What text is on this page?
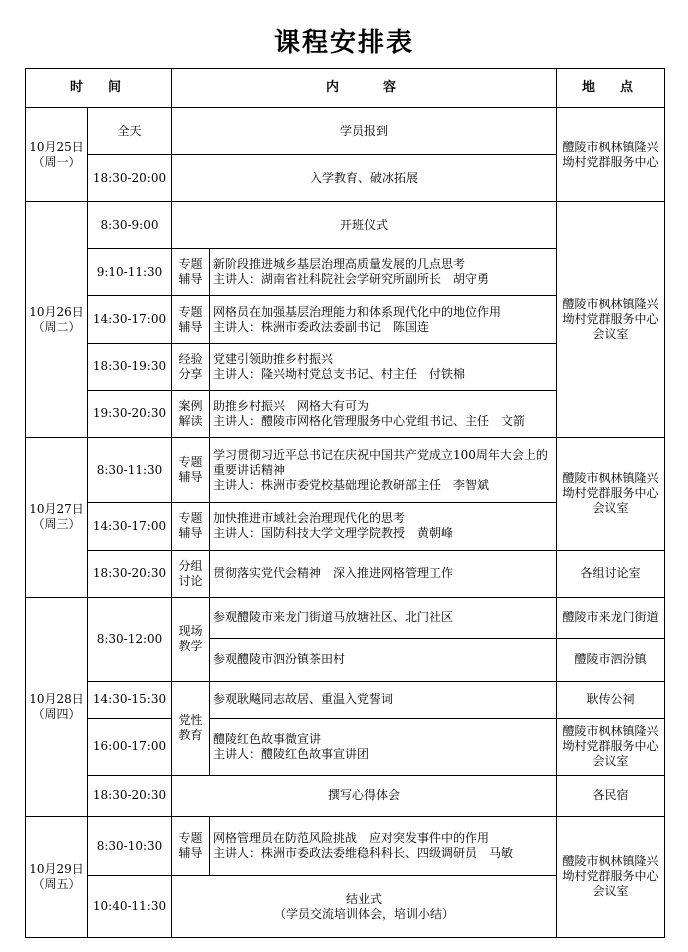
课程安排表
时　间		内　　容		地　点

10月25日
（周一）	全天	学员报到		醴陵市枫林镇隆兴坳村党群服务中心
	18:30-20:00	入学教育、破冰拓展		

10月26日
（周二）	8:30-9:00	开班仪式		醴陵市枫林镇隆兴坳村党群服务中心会议室
	9:10-11:30	专题辅导	新阶段推进城乡基层治理高质量发展的几点思考
主讲人：湖南省社科院社会学研究所副所长　胡守勇	

	14:30-17:00	专题辅导	网格员在加强基层治理能力和体系现代化中的地位作用
主讲人：株洲市委政法委副书记　陈国连	

	18:30-19:30	经验分享	党建引领助推乡村振兴
主讲人：隆兴坳村党总支书记、村主任　付铁棉	

	19:30-20:30	案例解读	助推乡村振兴　网格大有可为
主讲人：醴陵市网格化管理服务中心党组书记、主任　文箭	

10月27日
（周三）	8:30-11:30	专题辅导	学习贯彻习近平总书记在庆祝中国共产党成立100周年大会上的重要讲话精神
主讲人：株洲市委党校基础理论教研部主任　李智斌	醴陵市枫林镇隆兴坳村党群服务中心会议室
	14:30-17:00	专题辅导	加快推进市域社会治理现代化的思考
主讲人：国防科技大学文理学院教授　黄朝峰	

	18:30-20:30	分组讨论	贯彻落实党代会精神　深入推进网格管理工作	各组讨论室

10月28日
（周四）	8:30-12:00	现场教学	参观醴陵市来龙门街道马放塘社区、北门社区	醴陵市来龙门街道
			参观醴陵市泗汾镇茶田村	醴陵市泗汾镇
	14:30-15:30	党性教育	参观耿飚同志故居、重温入党誓词	耿传公祠
	16:00-17:00		醴陵红色故事微宣讲
主讲人：醴陵红色故事宣讲团	醴陵市枫林镇隆兴坳村党群服务中心会议室
	18:30-20:30	撰写心得体会		各民宿

10月29日
（周五）	8:30-10:30	专题辅导	网格管理员在防范风险挑战　应对突发事件中的作用
主讲人：株洲市委政法委维稳科科长、四级调研员　马敏	醴陵市枫林镇隆兴坳村党群服务中心会议室
	10:40-11:30	结业式
（学员交流培训体会，培训小结）		
